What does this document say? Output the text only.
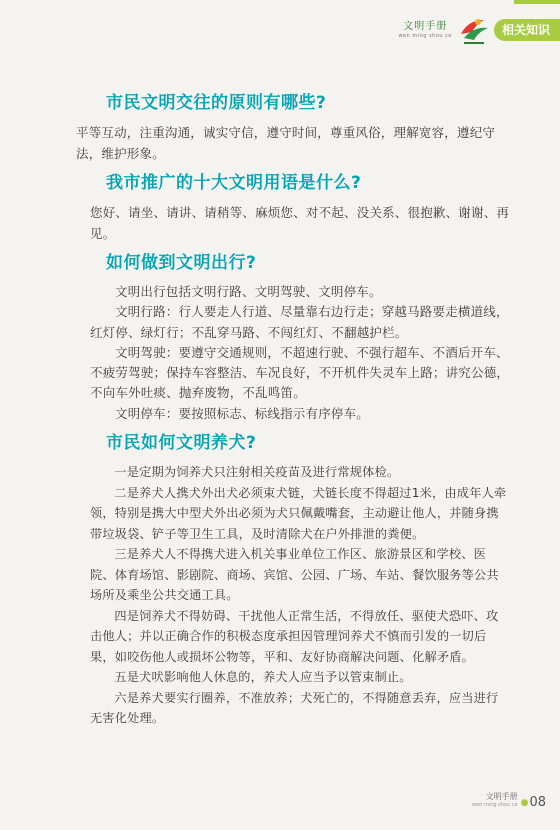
文明手册
wen ming shou ce	相关知识
市民文明交往的原则有哪些?

平等互动，注重沟通，诚实守信，遵守时间，尊重风俗，理解宽容，遵纪守法，维护形象。

我市推广的十大文明用语是什么?

您好、请坐、请讲、请稍等、麻烦您、对不起、没关系、很抱歉、谢谢、再见。

如何做到文明出行?

文明出行包括文明行路、文明驾驶、文明停车。

文明行路：行人要走人行道、尽量靠右边行走；穿越马路要走横道线，红灯停、绿灯行；不乱穿马路、不闯红灯、不翻越护栏。

文明驾驶：要遵守交通规则，不超速行驶、不强行超车、不酒后开车、不疲劳驾驶；保持车容整洁、车况良好，不开机件失灵车上路；讲究公德，不向车外吐痰、抛弃废物，不乱鸣笛。

文明停车：要按照标志、标线指示有序停车。

市民如何文明养犬?

一是定期为饲养犬只注射相关疫苗及进行常规体检。

二是养犬人携犬外出犬必须束犬链，犬链长度不得超过1米，由成年人牵领，特别是携大中型犬外出必须为犬只佩戴嘴套，主动避让他人，并随身携带垃圾袋、铲子等卫生工具，及时清除犬在户外排泄的粪便。

三是养犬人不得携犬进入机关事业单位工作区、旅游景区和学校、医院、体育场馆、影剧院、商场、宾馆、公园、广场、车站、餐饮服务等公共场所及乘坐公共交通工具。

四是饲养犬不得妨碍、干扰他人正常生活，不得放任、驱使犬恐吓、攻击他人；并以正确合作的积极态度承担因管理饲养犬不慎而引发的一切后果，如咬伤他人或损坏公物等，平和、友好协商解决问题、化解矛盾。

五是犬吠影响他人休息的，养犬人应当予以管束制止。

六是养犬要实行圈养，不准放养；犬死亡的，不得随意丢弃，应当进行无害化处理。

文明手册
wen ming shou ce ● 08
